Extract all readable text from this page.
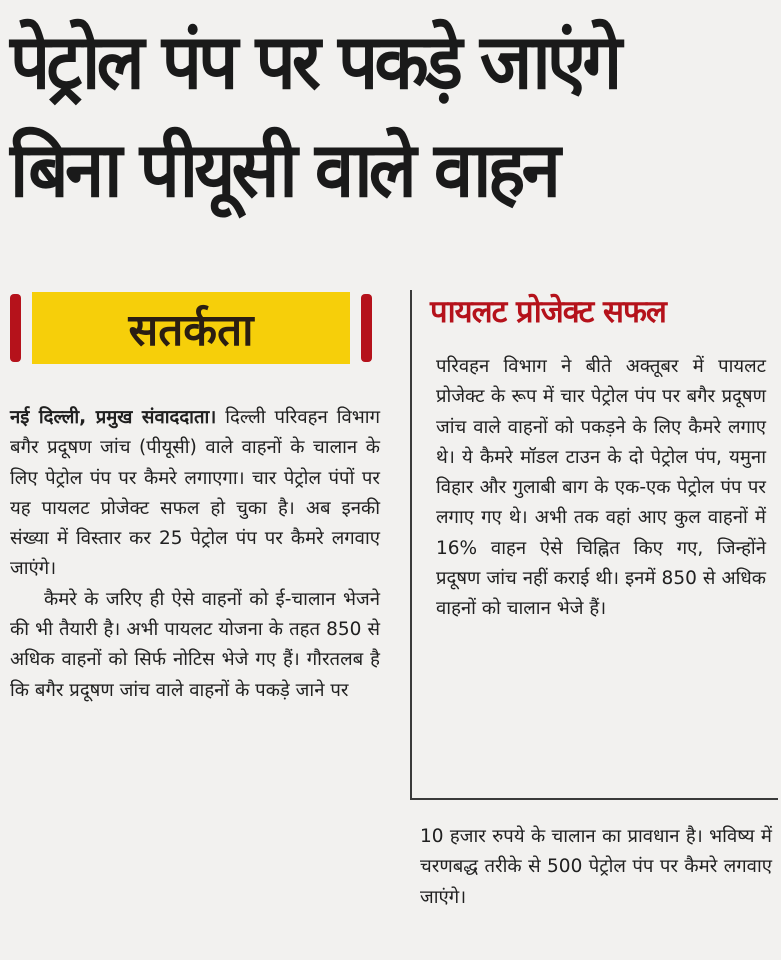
पेट्रोल पंप पर पकड़े जाएंगे
बिना पीयूसी वाले वाहन
सतर्कता

नई दिल्ली, प्रमुख संवाददाता। दिल्ली परिवहन विभाग बगैर प्रदूषण जांच (पीयूसी) वाले वाहनों के चालान के लिए पेट्रोल पंप पर कैमरे लगाएगा। चार पेट्रोल पंपों पर यह पायलट प्रोजेक्ट सफल हो चुका है। अब इनकी संख्या में विस्तार कर 25 पेट्रोल पंप पर कैमरे लगवाए जाएंगे।

कैमरे के जरिए ही ऐसे वाहनों को ई-चालान भेजने की भी तैयारी है। अभी पायलट योजना के तहत 850 से अधिक वाहनों को सिर्फ नोटिस भेजे गए हैं। गौरतलब है कि बगैर प्रदूषण जांच वाले वाहनों के पकड़े जाने पर

पायलट प्रोजेक्ट सफल
परिवहन विभाग ने बीते अक्तूबर में पायलट प्रोजेक्ट के रूप में चार पेट्रोल पंप पर बगैर प्रदूषण जांच वाले वाहनों को पकड़ने के लिए कैमरे लगाए थे। ये कैमरे मॉडल टाउन के दो पेट्रोल पंप, यमुना विहार और गुलाबी बाग के एक-एक पेट्रोल पंप पर लगाए गए थे। अभी तक वहां आए कुल वाहनों में 16% वाहन ऐसे चिह्नित किए गए, जिन्होंने प्रदूषण जांच नहीं कराई थी। इनमें 850 से अधिक वाहनों को चालान भेजे हैं।
10 हजार रुपये के चालान का प्रावधान है। भविष्य में चरणबद्ध तरीके से 500 पेट्रोल पंप पर कैमरे लगवाए जाएंगे।
